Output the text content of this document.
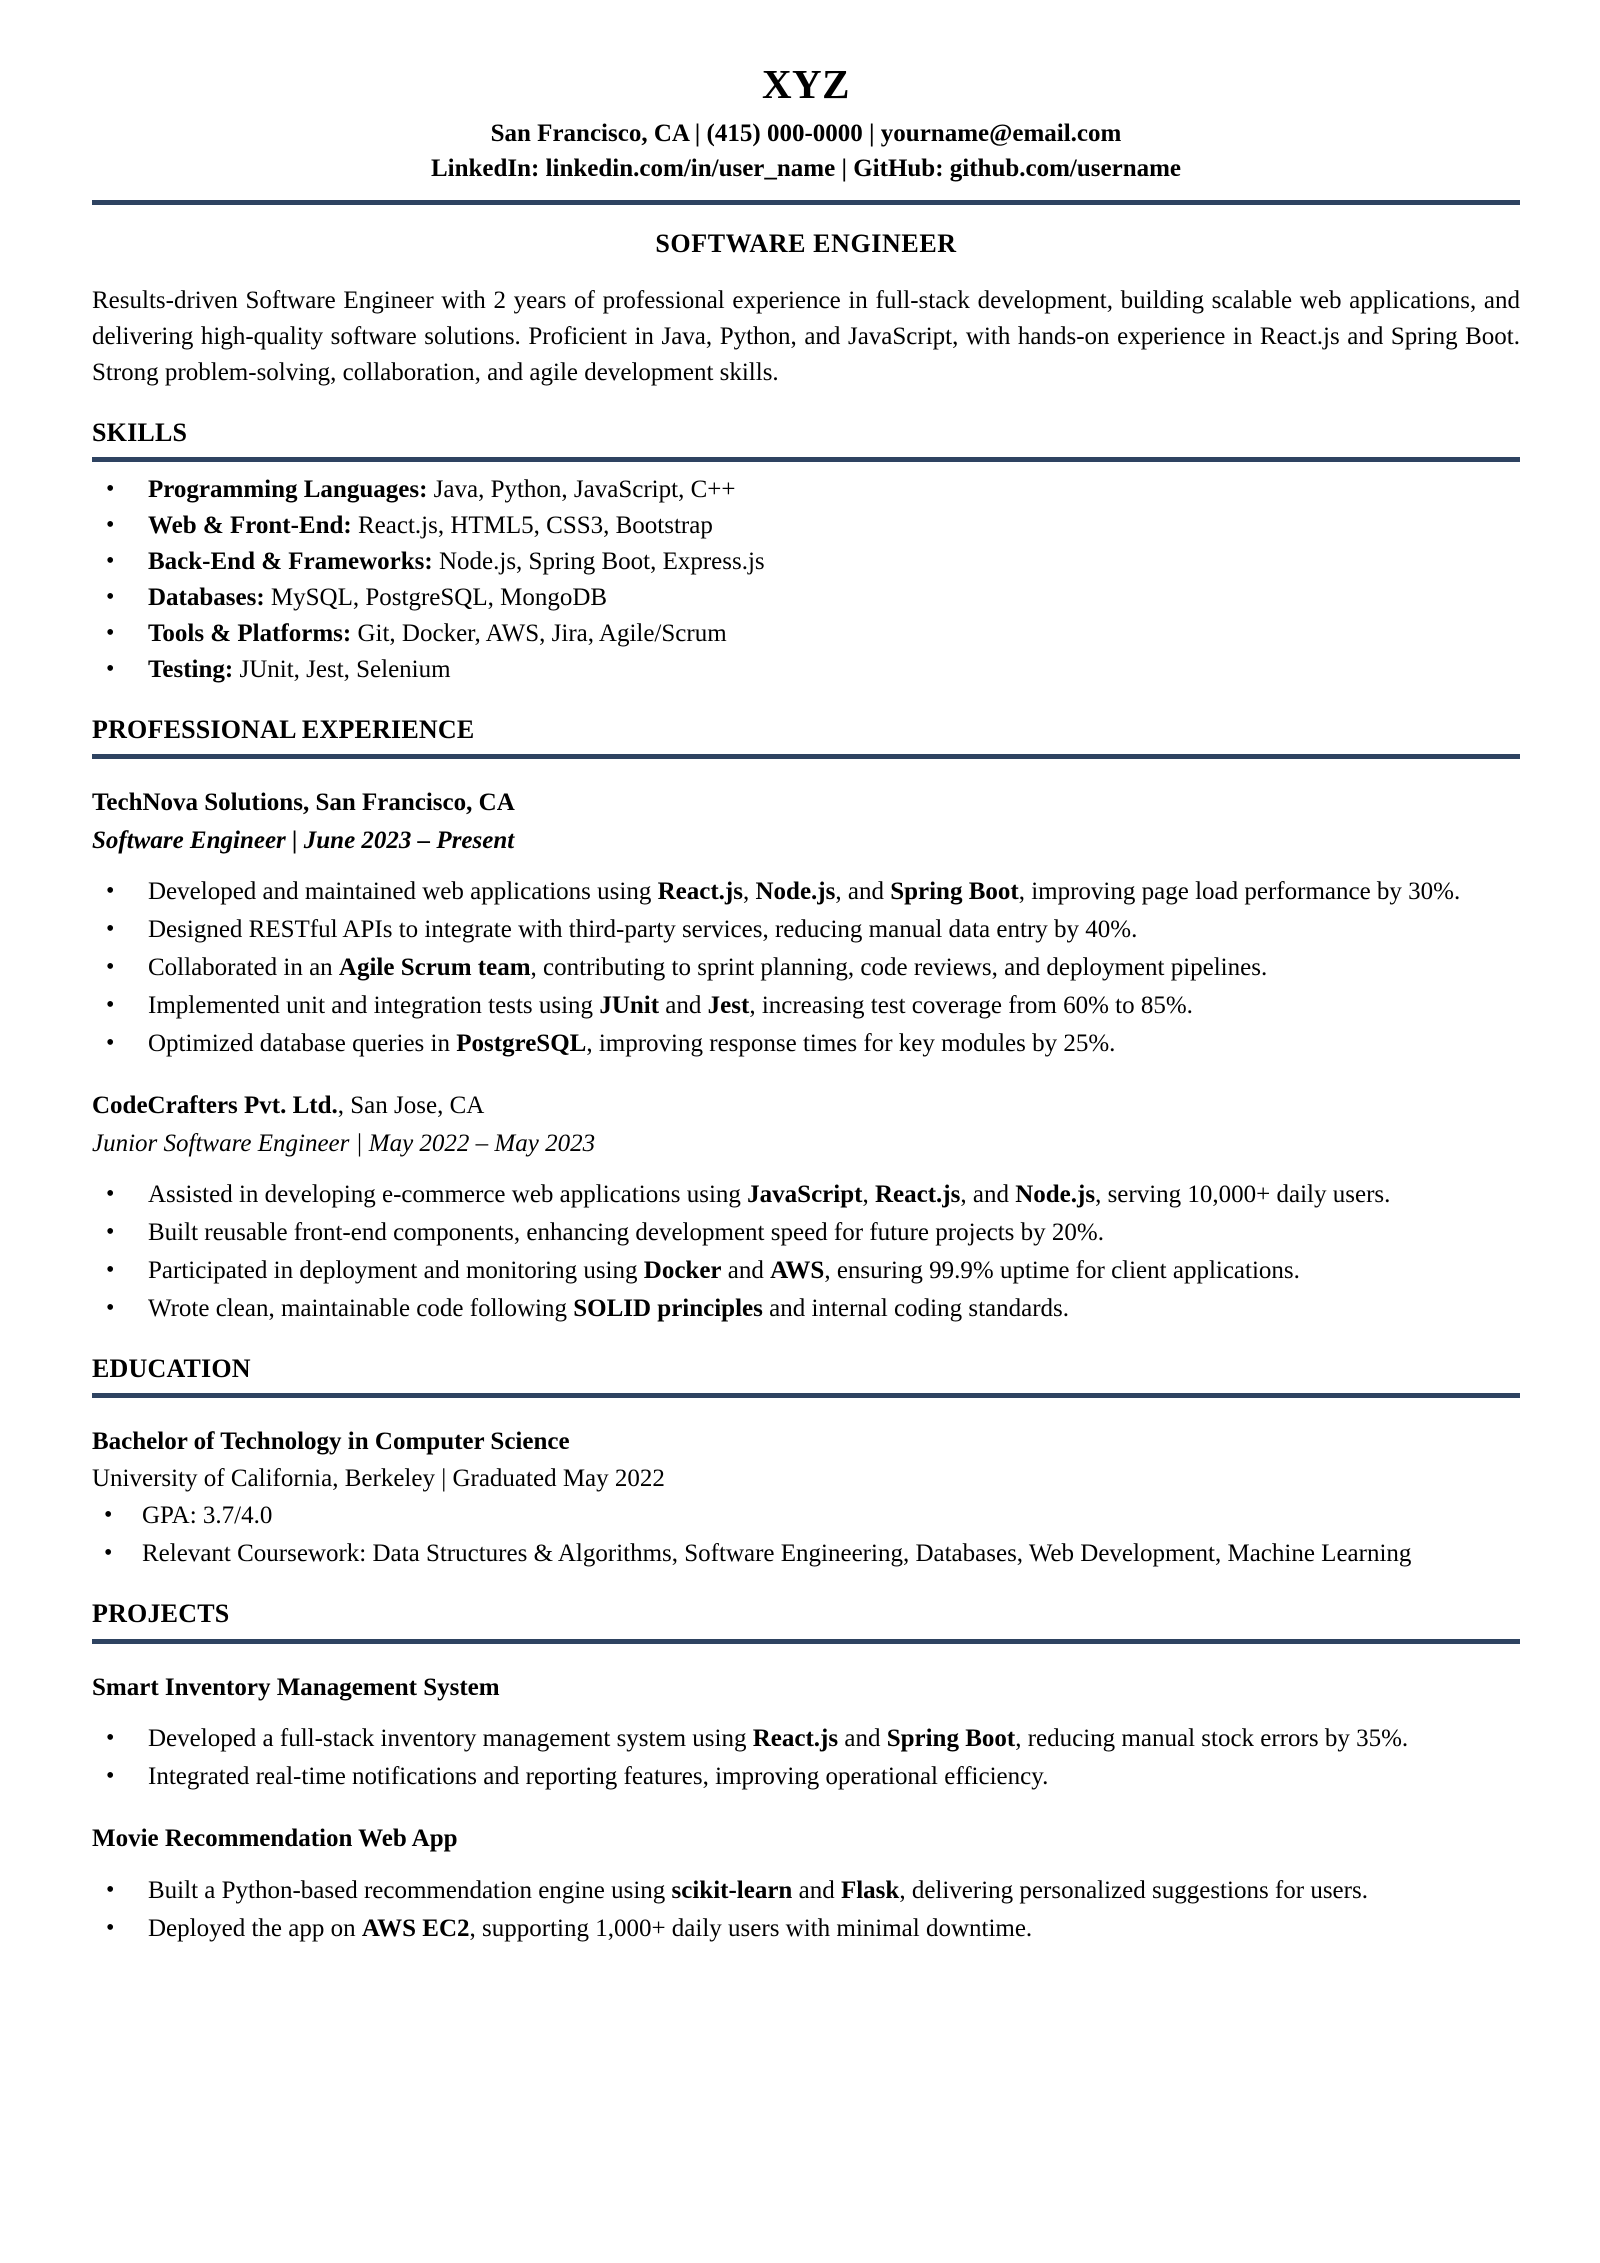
XYZ
San Francisco, CA | (415) 000-0000 | yourname@email.com
LinkedIn: linkedin.com/in/user_name | GitHub: github.com/username
SOFTWARE ENGINEER

Results-driven Software Engineer with 2 years of professional experience in full-stack development, building scalable web applications, and delivering high-quality software solutions. Proficient in Java, Python, and JavaScript, with hands-on experience in React.js and Spring Boot. Strong problem-solving, collaboration, and agile development skills.

SKILLS
• Programming Languages: Java, Python, JavaScript, C++
• Web & Front-End: React.js, HTML5, CSS3, Bootstrap
• Back-End & Frameworks: Node.js, Spring Boot, Express.js
• Databases: MySQL, PostgreSQL, MongoDB
• Tools & Platforms: Git, Docker, AWS, Jira, Agile/Scrum
• Testing: JUnit, Jest, Selenium
PROFESSIONAL EXPERIENCE
TechNova Solutions, San Francisco, CA
Software Engineer | June 2023 – Present
• Developed and maintained web applications using React.js, Node.js, and Spring Boot, improving page load performance by 30%.
• Designed RESTful APIs to integrate with third-party services, reducing manual data entry by 40%.
• Collaborated in an Agile Scrum team, contributing to sprint planning, code reviews, and deployment pipelines.
• Implemented unit and integration tests using JUnit and Jest, increasing test coverage from 60% to 85%.
• Optimized database queries in PostgreSQL, improving response times for key modules by 25%.
CodeCrafters Pvt. Ltd., San Jose, CA
Junior Software Engineer | May 2022 – May 2023
• Assisted in developing e-commerce web applications using JavaScript, React.js, and Node.js, serving 10,000+ daily users.
• Built reusable front-end components, enhancing development speed for future projects by 20%.
• Participated in deployment and monitoring using Docker and AWS, ensuring 99.9% uptime for client applications.
• Wrote clean, maintainable code following SOLID principles and internal coding standards.
EDUCATION
Bachelor of Technology in Computer Science
University of California, Berkeley | Graduated May 2022
• GPA: 3.7/4.0
• Relevant Coursework: Data Structures & Algorithms, Software Engineering, Databases, Web Development, Machine Learning
PROJECTS
Smart Inventory Management System
• Developed a full-stack inventory management system using React.js and Spring Boot, reducing manual stock errors by 35%.
• Integrated real-time notifications and reporting features, improving operational efficiency.
Movie Recommendation Web App
• Built a Python-based recommendation engine using scikit-learn and Flask, delivering personalized suggestions for users.
• Deployed the app on AWS EC2, supporting 1,000+ daily users with minimal downtime.
